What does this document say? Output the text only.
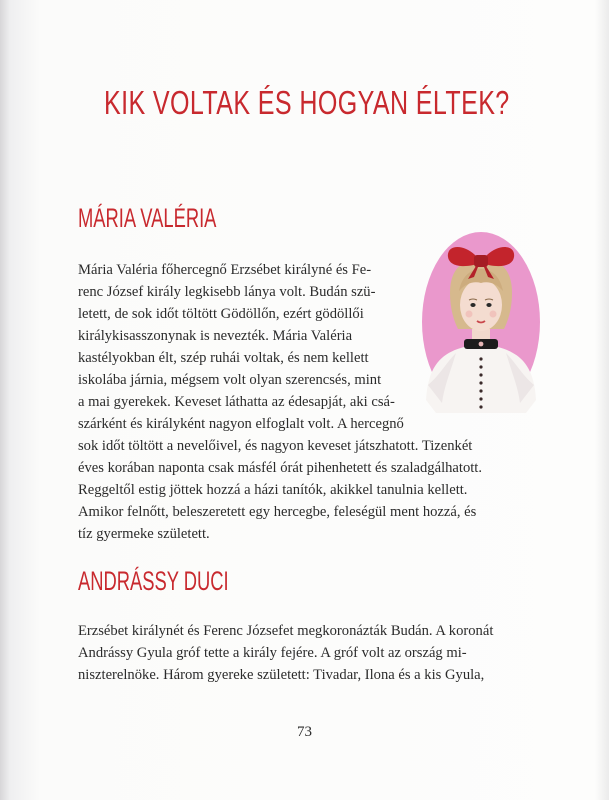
KIK VOLTAK ÉS HOGYAN ÉLTEK?
MÁRIA VALÉRIA

Mária Valéria főhercegnő Erzsébet királyné és Fe-

renc József király legkisebb lánya volt. Budán szü-

letett, de sok időt töltött Gödöllőn, ezért gödöllői

királykisasszonynak is nevezték. Mária Valéria

kastélyokban élt, szép ruhái voltak, és nem kellett

iskolába járnia, mégsem volt olyan szerencsés, mint

a mai gyerekek. Keveset láthatta az édesapját, aki csá-

szárként és királyként nagyon elfoglalt volt. A hercegnő

sok időt töltött a nevelőivel, és nagyon keveset játszhatott. Tizenkét

éves korában naponta csak másfél órát pihenhetett és szaladgálhatott.

Reggeltől estig jöttek hozzá a házi tanítók, akikkel tanulnia kellett.

Amikor felnőtt, beleszeretett egy hercegbe, feleségül ment hozzá, és

tíz gyermeke született.

ANDRÁSSY DUCI

Erzsébet királynét és Ferenc Józsefet megkoronázták Budán. A koronát

Andrássy Gyula gróf tette a király fejére. A gróf volt az ország mi-

niszterelnöke. Három gyereke született: Tivadar, Ilona és a kis Gyula,

73
